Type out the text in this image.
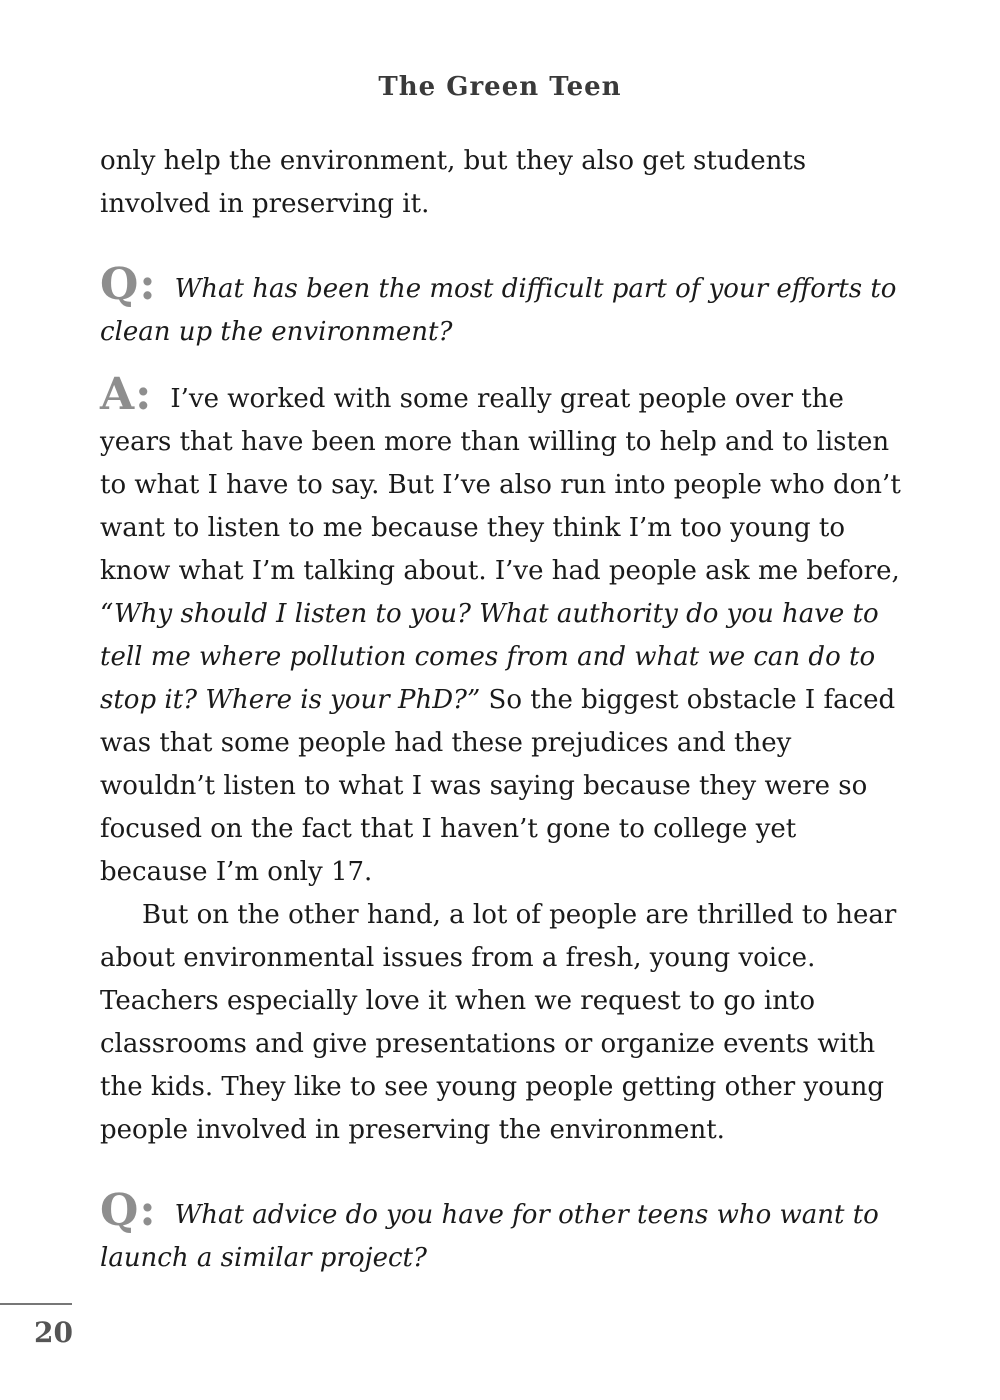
The Green Teen

only help the environment, but they also get students involved in preserving it.

Q: What has been the most difficult part of your efforts to clean up the environment?

A: I’ve worked with some really great people over the years that have been more than willing to help and to listen to what I have to say. But I’ve also run into people who don’t want to listen to me because they think I’m too young to know what I’m talking about. I’ve had people ask me before, “Why should I listen to you? What authority do you have to tell me where pollution comes from and what we can do to stop it? Where is your PhD?” So the biggest obstacle I faced was that some people had these prejudices and they wouldn’t listen to what I was saying because they were so focused on the fact that I haven’t gone to college yet because I’m only 17.

But on the other hand, a lot of people are thrilled to hear about environmental issues from a fresh, young voice. Teachers especially love it when we request to go into classrooms and give presentations or organize events with the kids. They like to see young people getting other young people involved in preserving the environment.

Q: What advice do you have for other teens who want to launch a similar project?

20
